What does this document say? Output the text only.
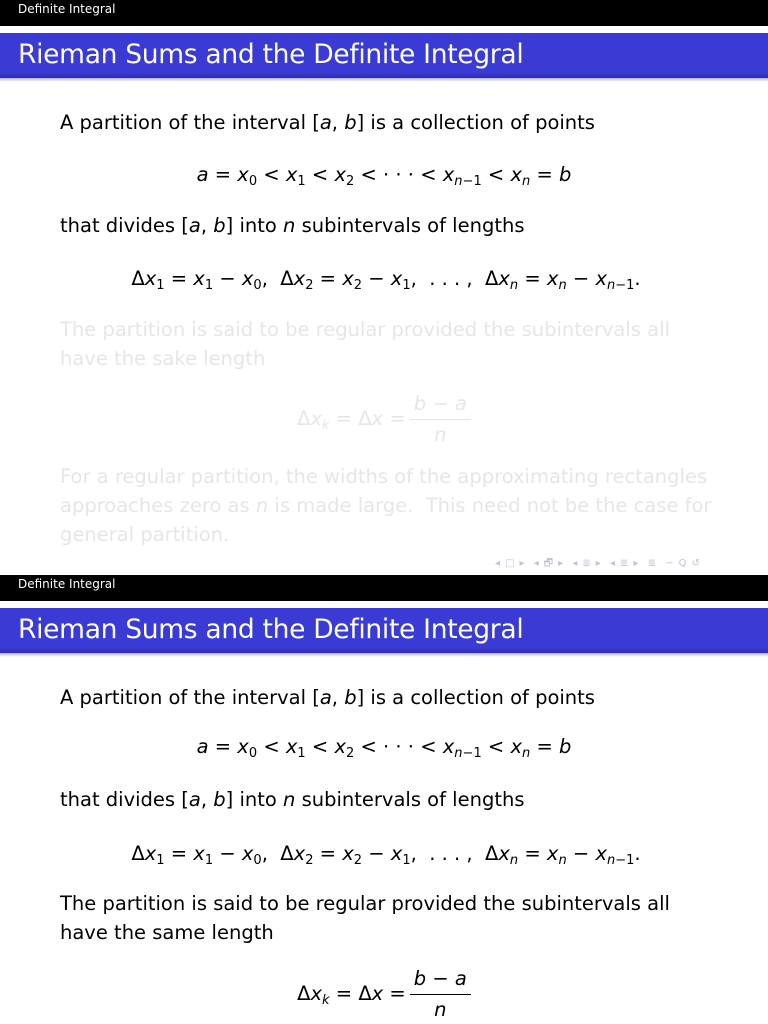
Definite Integral
Rieman Sums and the Definite Integral
A partition of the interval [a, b] is a collection of points
$a = x_0 < x_1 < x_2$ < · · · < $x_{n-1} < x_n = b$
that divides [a, b] into n subintervals of lengths
$\Delta x_1 = x_1 - x_0$,  $\Delta x_2 = x_2 - x_1$,  . . . ,  $\Delta x_n = x_n - x_{n-1}$.
The partition is said to be regular provided the subintervals all
have the sake length
$\Delta x_k = \Delta x = \frac{b - a}{n}$
For a regular partition, the widths of the approximating rectangles
approaches zero as n is made large.  This need not be the case for
general partition.
◂ □ ▸ ◂ 🗗 ▸ ◂ ≣ ▸ ◂ ≣ ▸ ≣ ∽ Q ↺
Definite Integral
Rieman Sums and the Definite Integral
A partition of the interval [a, b] is a collection of points
$a = x_0 < x_1 < x_2$ < · · · < $x_{n-1} < x_n = b$
that divides [a, b] into n subintervals of lengths
$\Delta x_1 = x_1 - x_0$,  $\Delta x_2 = x_2 - x_1$,  . . . ,  $\Delta x_n = x_n - x_{n-1}$.
The partition is said to be regular provided the subintervals all
have the same length
$\Delta x_k = \Delta x = \frac{b - a}{n}$
